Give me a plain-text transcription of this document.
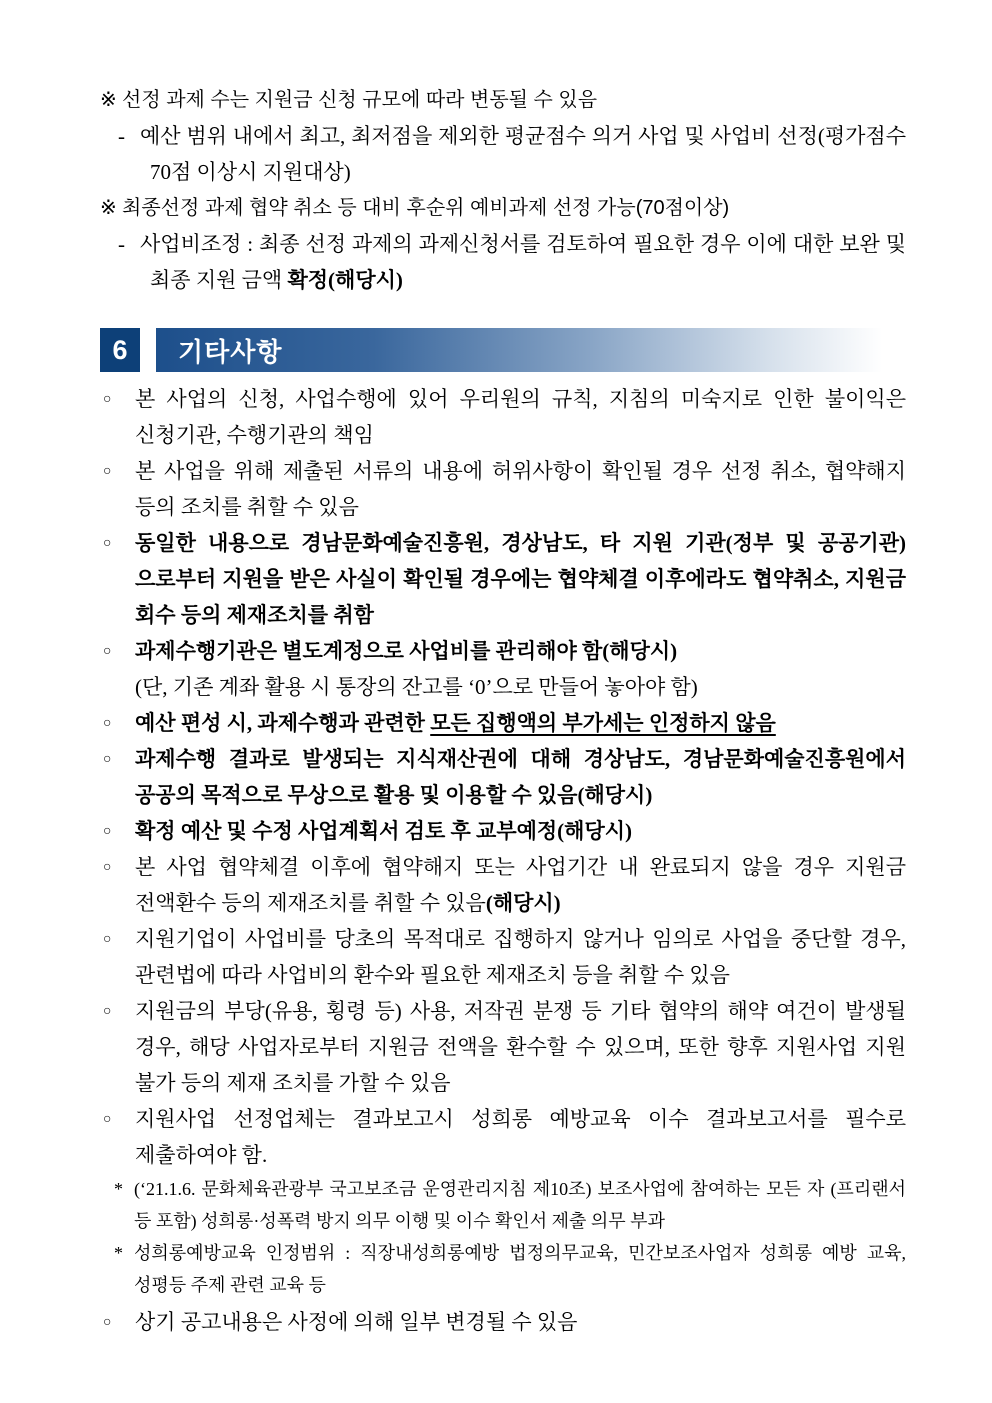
※ 선정 과제 수는 지원금 신청 규모에 따라 변동될 수 있음
- 예산 범위 내에서 최고, 최저점을 제외한 평균점수 의거 사업 및 사업비 선정(평가점수 70점 이상시 지원대상)
※ 최종선정 과제 협약 취소 등 대비 후순위 예비과제 선정 가능(70점이상)
- 사업비조정 : 최종 선정 과제의 과제신청서를 검토하여 필요한 경우 이에 대한 보완 및 최종 지원 금액 확정(해당시)
6 기타사항
○ 본 사업의 신청, 사업수행에 있어 우리원의 규칙, 지침의 미숙지로 인한 불이익은 신청기관, 수행기관의 책임
○ 본 사업을 위해 제출된 서류의 내용에 허위사항이 확인될 경우 선정 취소, 협약해지 등의 조치를 취할 수 있음
○ 동일한 내용으로 경남문화예술진흥원, 경상남도, 타 지원 기관(정부 및 공공기관)으로부터 지원을 받은 사실이 확인될 경우에는 협약체결 이후에라도 협약취소, 지원금 회수 등의 제재조치를 취함
○ 과제수행기관은 별도계정으로 사업비를 관리해야 함(해당시)
(단, 기존 계좌 활용 시 통장의 잔고를 ‘0’으로 만들어 놓아야 함)
○ 예산 편성 시, 과제수행과 관련한 모든 집행액의 부가세는 인정하지 않음
○ 과제수행 결과로 발생되는 지식재산권에 대해 경상남도, 경남문화예술진흥원에서 공공의 목적으로 무상으로 활용 및 이용할 수 있음(해당시)
○ 확정 예산 및 수정 사업계획서 검토 후 교부예정(해당시)
○ 본 사업 협약체결 이후에 협약해지 또는 사업기간 내 완료되지 않을 경우 지원금 전액환수 등의 제재조치를 취할 수 있음(해당시)
○ 지원기업이 사업비를 당초의 목적대로 집행하지 않거나 임의로 사업을 중단할 경우, 관련법에 따라 사업비의 환수와 필요한 제재조치 등을 취할 수 있음
○ 지원금의 부당(유용, 횡령 등) 사용, 저작권 분쟁 등 기타 협약의 해약 여건이 발생될 경우, 해당 사업자로부터 지원금 전액을 환수할 수 있으며, 또한 향후 지원사업 지원 불가 등의 제재 조치를 가할 수 있음
○ 지원사업 선정업체는 결과보고시 성희롱 예방교육 이수 결과보고서를 필수로 제출하여야 함.
* (‘21.1.6. 문화체육관광부 국고보조금 운영관리지침 제10조) 보조사업에 참여하는 모든 자 (프리랜서 등 포함) 성희롱·성폭력 방지 의무 이행 및 이수 확인서 제출 의무 부과
* 성희롱예방교육 인정범위 : 직장내성희롱예방 법정의무교육, 민간보조사업자 성희롱 예방 교육, 성평등 주제 관련 교육 등
○ 상기 공고내용은 사정에 의해 일부 변경될 수 있음
